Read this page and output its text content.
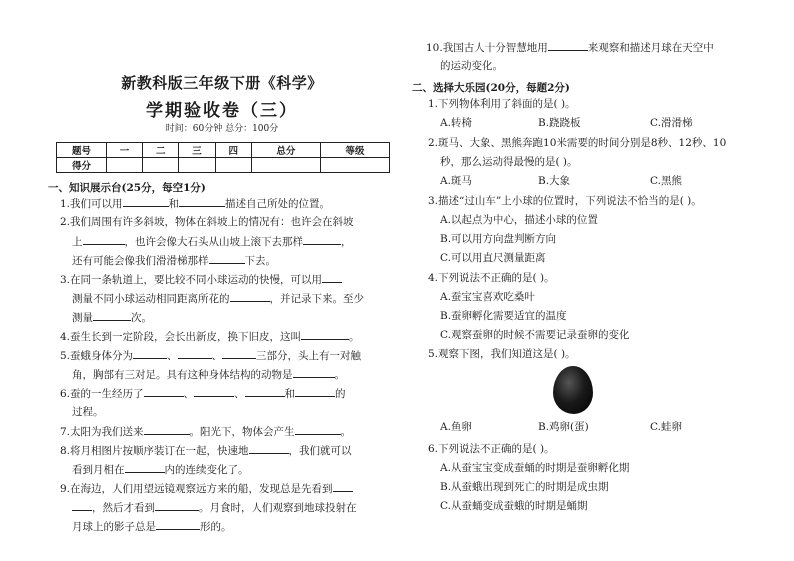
新教科版三年级下册《科学》
学期验收卷（三）
时间：60分钟 总分：100分
题号	一	二	三	四	总分	等级
得分						
一、知识展示台(25分，每空1分)
1.我们可以用	和	描述自己所处的位置。
2.我们周围有许多斜坡，物体在斜坡上的情况有：也许会在斜坡
上	，也许会像大石头从山坡上滚下去那样	，
还有可能会像我们滑滑梯那样	下去。
3.在同一条轨道上，要比较不同小球运动的快慢，可以用
测量不同小球运动相同距离所花的	，并记录下来。至少
测量	次。
4.蚕生长到一定阶段，会长出新皮，换下旧皮，这叫	。
5.蚕蛾身体分为	、	、	三部分，头上有一对触
角，胸部有三对足。具有这种身体结构的动物是	。
6.蚕的一生经历了	、	、	和	的
过程。
7.太阳为我们送来	。阳光下，物体会产生	。
8.将月相图片按顺序装订在一起，快速地	，我们就可以
看到月相在	内的连续变化了。
9.在海边，人们用望远镜观察远方来的船，发现总是先看到
，然后才看到	。月食时，人们观察到地球投射在
月球上的影子总是	形的。
10.我国古人十分智慧地用	来观察和描述月球在天空中
的运动变化。
二、选择大乐园(20分，每题2分)
1.下列物体利用了斜面的是( )。
A.转椅	B.跷跷板	C.滑滑梯
2.斑马、大象、黑熊奔跑10米需要的时间分别是8秒、12秒、10
秒，那么运动得最慢的是( )。
A.斑马	B.大象	C.黑熊
3.描述“过山车”上小球的位置时，下列说法不恰当的是( )。
A.以起点为中心，描述小球的位置
B.可以用方向盘判断方向
C.可以用直尺测量距离
4.下列说法不正确的是( )。
A.蚕宝宝喜欢吃桑叶
B.蚕卵孵化需要适宜的温度
C.观察蚕卵的时候不需要记录蚕卵的变化
5.观察下图，我们知道这是( )。
A.鱼卵	B.鸡卵(蛋)	C.蛙卵
6.下列说法不正确的是( )。
A.从蚕宝宝变成蚕蛹的时期是蚕卵孵化期
B.从蚕蛾出现到死亡的时期是成虫期
C.从蚕蛹变成蚕蛾的时期是蛹期
